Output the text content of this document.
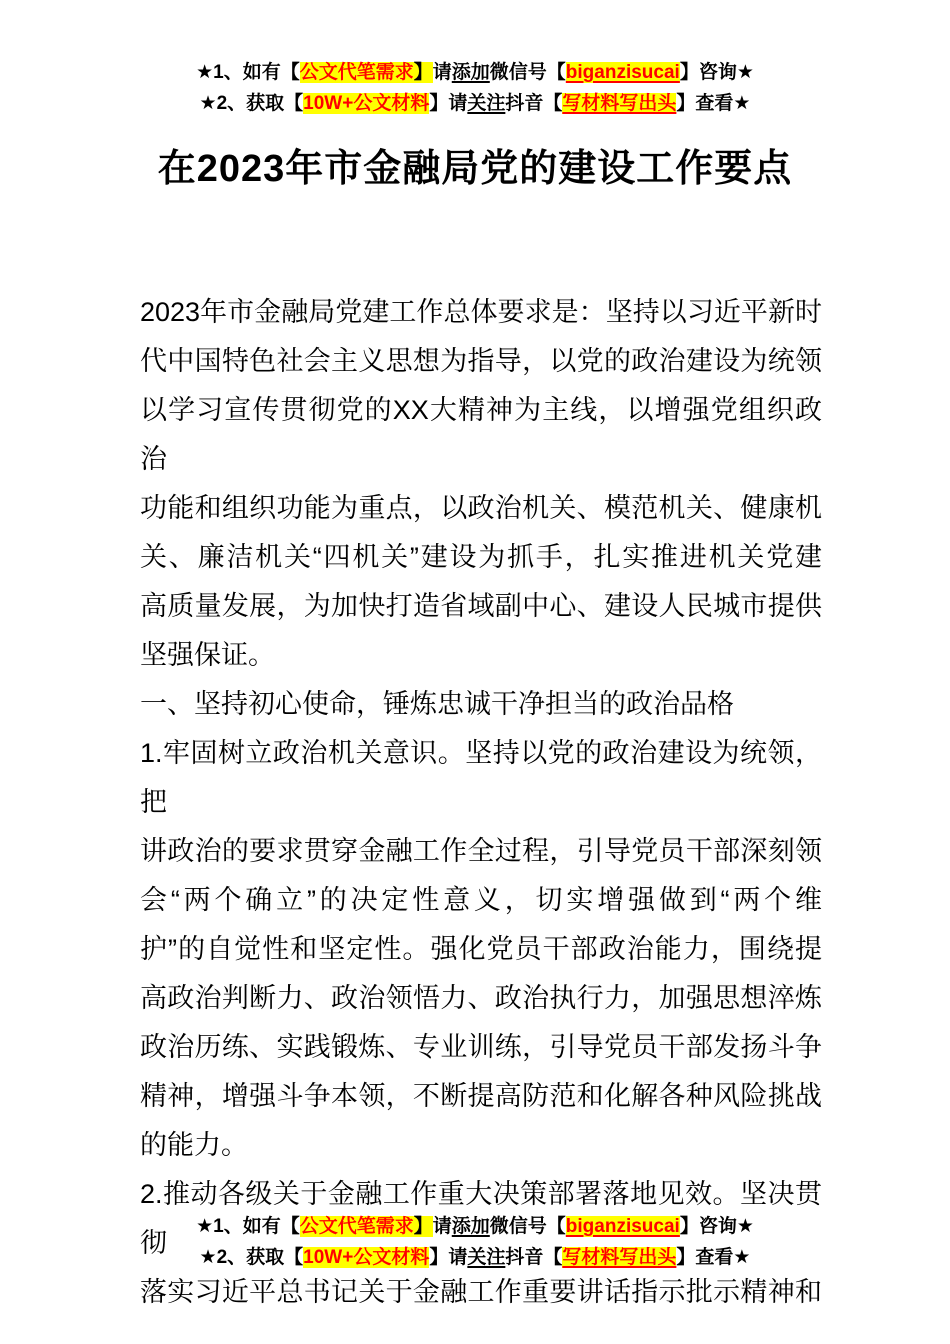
★1、如有【公文代笔需求】请添加微信号【biganzisucai】咨询★
★2、获取【10W+公文材料】请关注抖音【写材料写出头】查看★
在2023年市金融局党的建设工作要点
2023年市金融局党建工作总体要求是：坚持以习近平新时
代中国特色社会主义思想为指导，以党的政治建设为统领
以学习宣传贯彻党的XX大精神为主线，以增强党组织政治
功能和组织功能为重点，以政治机关、模范机关、健康机
关、廉洁机关“四机关”建设为抓手，扎实推进机关党建
高质量发展，为加快打造省域副中心、建设人民城市提供
坚强保证。
一、坚持初心使命，锤炼忠诚干净担当的政治品格
1.牢固树立政治机关意识。坚持以党的政治建设为统领，把
讲政治的要求贯穿金融工作全过程，引导党员干部深刻领
会“两个确立”的决定性意义，切实增强做到“两个维
护”的自觉性和坚定性。强化党员干部政治能力，围绕提
高政治判断力、政治领悟力、政治执行力，加强思想淬炼
政治历练、实践锻炼、专业训练，引导党员干部发扬斗争
精神，增强斗争本领，不断提高防范和化解各种风险挑战
的能力。
2.推动各级关于金融工作重大决策部署落地见效。坚决贯彻
落实习近平总书记关于金融工作重要讲话指示批示精神和
★1、如有【公文代笔需求】请添加微信号【biganzisucai】咨询★
★2、获取【10W+公文材料】请关注抖音【写材料写出头】查看★
